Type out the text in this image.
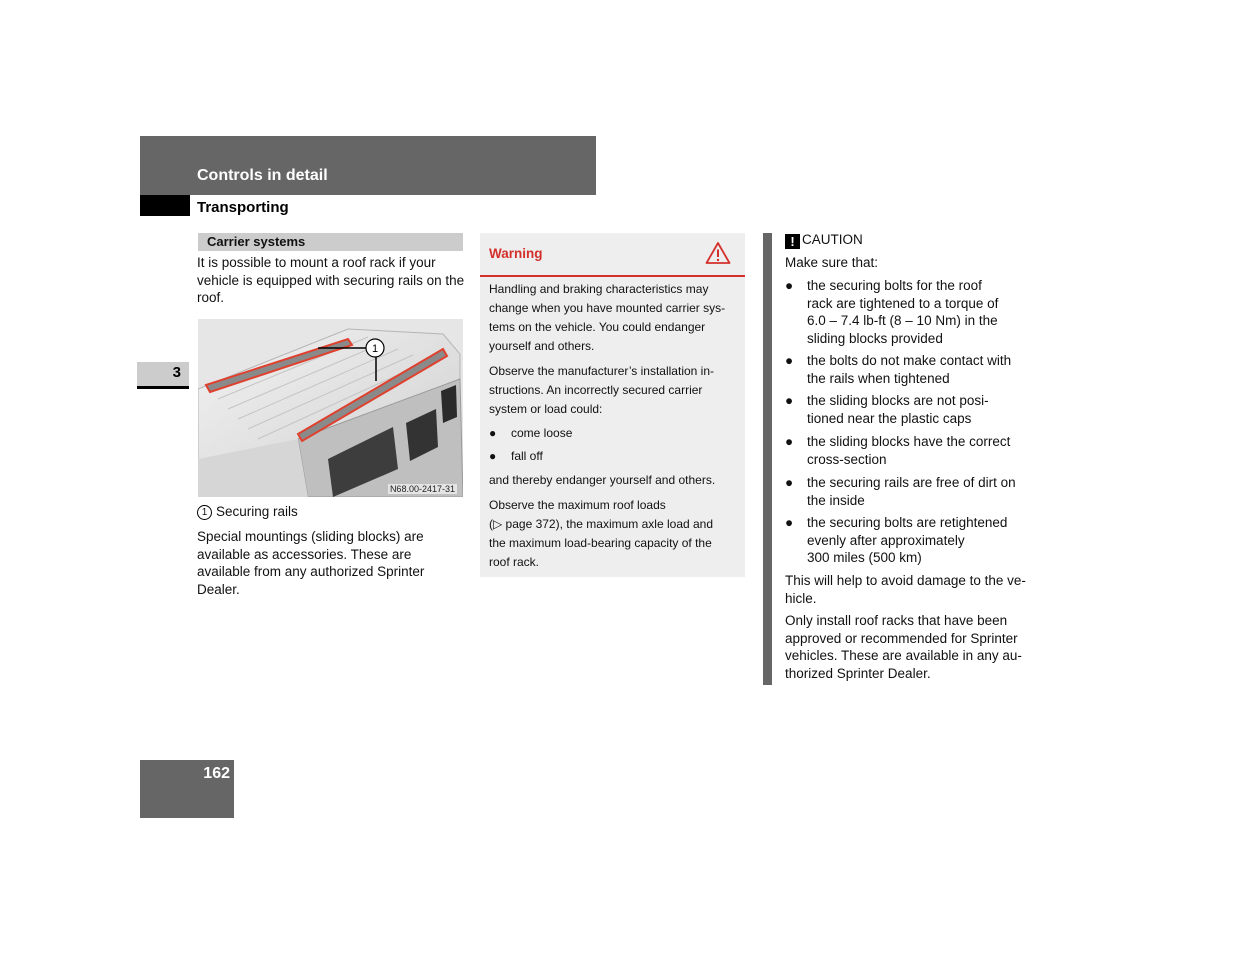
Controls in detail
Transporting
3
Carrier systems
It is possible to mount a roof rack if your vehicle is equipped with securing rails on the roof.
1
N68.00-2417-31
1 Securing rails
Special mountings (sliding blocks) are available as accessories. These are available from any authorized Sprinter Dealer.
Warning
Handling and braking characteristics may
change when you have mounted carrier sys-
tems on the vehicle. You could endanger
yourself and others.
Observe the manufacturer’s installation in-
structions. An incorrectly secured carrier
system or load could:
● come loose
● fall off
and thereby endanger yourself and others.
Observe the maximum roof loads
(▷ page 372), the maximum axle load and
the maximum load-bearing capacity of the
roof rack.
! CAUTION
Make sure that:
● the securing bolts for the roof
rack are tightened to a torque of
6.0 – 7.4 lb-ft (8 – 10 Nm) in the
sliding blocks provided
● the bolts do not make contact with
the rails when tightened
● the sliding blocks are not posi-
tioned near the plastic caps
● the sliding blocks have the correct
cross-section
● the securing rails are free of dirt on
the inside
● the securing bolts are retightened
evenly after approximately
300 miles (500 km)
This will help to avoid damage to the ve-
hicle.
Only install roof racks that have been
approved or recommended for Sprinter
vehicles. These are available in any au-
thorized Sprinter Dealer.
162
